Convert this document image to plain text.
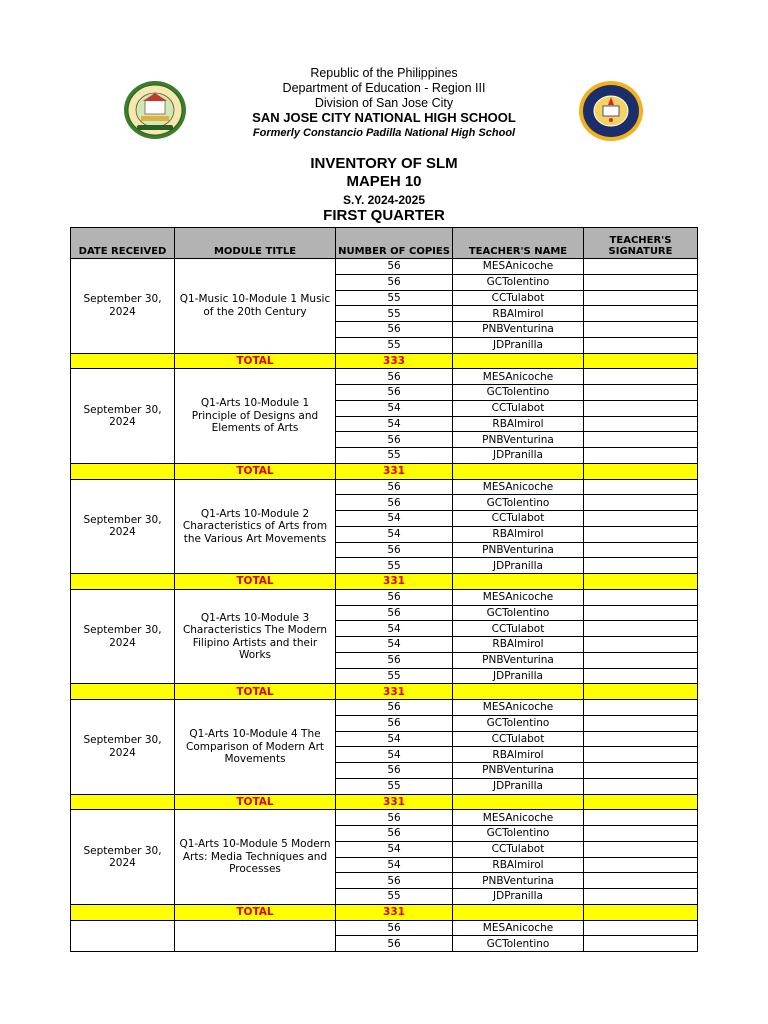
Republic of the Philippines
Department of Education - Region III
Division of San Jose City
SAN JOSE CITY NATIONAL HIGH SCHOOL
Formerly Constancio Padilla National High School
INVENTORY OF SLM
MAPEH 10
S.Y. 2024-2025
FIRST QUARTER
DATE RECEIVED	MODULE TITLE	NUMBER OF COPIES	TEACHER'S NAME	TEACHER'S SIGNATURE
September 30, 2024	Q1-Music 10-Module 1 Music of the 20th Century	56	MESAnicoche	
		56	GCTolentino	
		55	CCTulabot	
		55	RBAlmirol	
		56	PNBVenturina	
		55	JDPranilla	
	TOTAL	333		
September 30, 2024	Q1-Arts 10-Module 1 Principle of Designs and Elements of Arts	56	MESAnicoche	
		56	GCTolentino	
		54	CCTulabot	
		54	RBAlmirol	
		56	PNBVenturina	
		55	JDPranilla	
	TOTAL	331		
September 30, 2024	Q1-Arts 10-Module 2 Characteristics of Arts from the Various Art Movements	56	MESAnicoche	
		56	GCTolentino	
		54	CCTulabot	
		54	RBAlmirol	
		56	PNBVenturina	
		55	JDPranilla	
	TOTAL	331		
September 30, 2024	Q1-Arts 10-Module 3 Characteristics The Modern Filipino Artists and their Works	56	MESAnicoche	
		56	GCTolentino	
		54	CCTulabot	
		54	RBAlmirol	
		56	PNBVenturina	
		55	JDPranilla	
	TOTAL	331		
September 30, 2024	Q1-Arts 10-Module 4 The Comparison of Modern Art Movements	56	MESAnicoche	
		56	GCTolentino	
		54	CCTulabot	
		54	RBAlmirol	
		56	PNBVenturina	
		55	JDPranilla	
	TOTAL	331		
September 30, 2024	Q1-Arts 10-Module 5 Modern Arts: Media Techniques and Processes	56	MESAnicoche	
		56	GCTolentino	
		54	CCTulabot	
		54	RBAlmirol	
		56	PNBVenturina	
		55	JDPranilla	
	TOTAL	331		
		56	MESAnicoche	
		56	GCTolentino	
